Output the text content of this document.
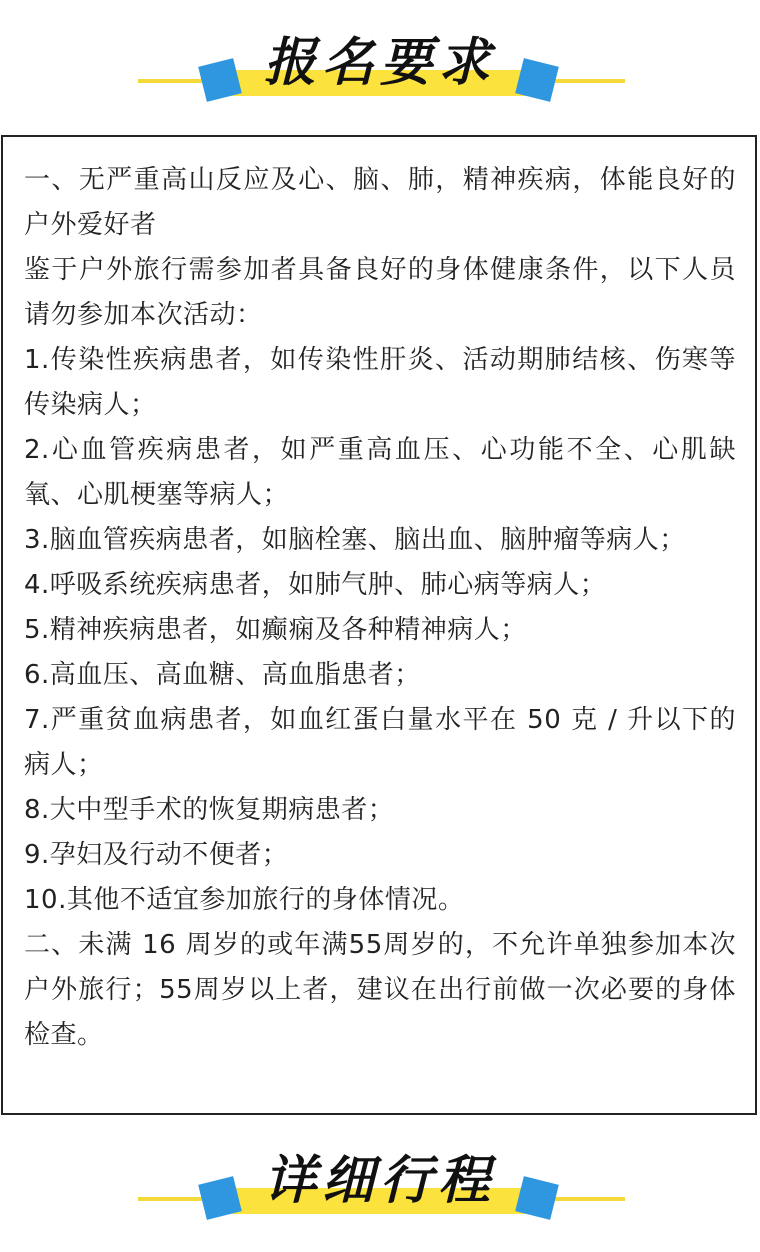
报名要求

一、无严重高山反应及心、脑、肺，精神疾病，体能良好的户外爱好者

鉴于户外旅行需参加者具备良好的身体健康条件，以下人员请勿参加本次活动：

1.传染性疾病患者，如传染性肝炎、活动期肺结核、伤寒等传染病人；

2.心血管疾病患者，如严重高血压、心功能不全、心肌缺氧、心肌梗塞等病人；

3.脑血管疾病患者，如脑栓塞、脑出血、脑肿瘤等病人；

4.呼吸系统疾病患者，如肺气肿、肺心病等病人；

5.精神疾病患者，如癫痫及各种精神病人；

6.高血压、高血糖、高血脂患者；

7.严重贫血病患者，如血红蛋白量水平在 50 克 / 升以下的病人；

8.大中型手术的恢复期病患者；

9.孕妇及行动不便者；

10.其他不适宜参加旅行的身体情况。

二、未满 16 周岁的或年满55周岁的，不允许单独参加本次户外旅行；55周岁以上者，建议在出行前做一次必要的身体检查。

详细行程
